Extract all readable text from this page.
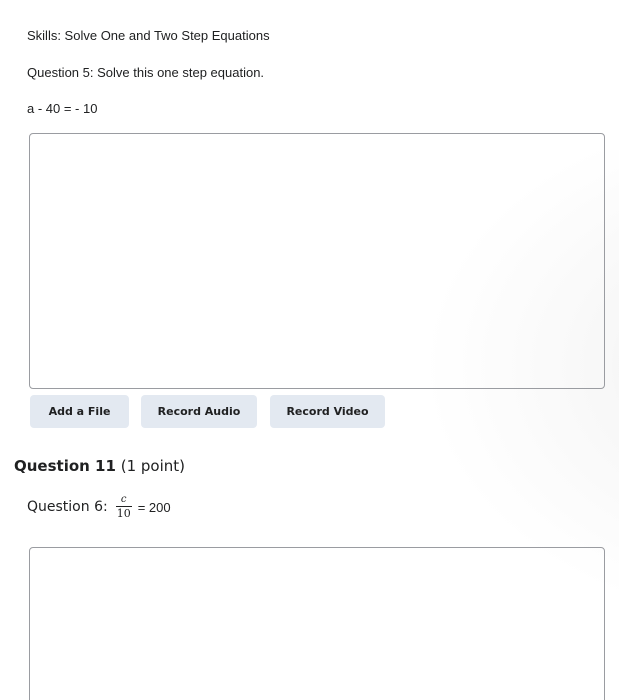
Skills: Solve One and Two Step Equations
Question 5: Solve this one step equation.
a - 40 = - 10
Add a File	Record Audio	Record Video
Question 11 (1 point)
Question 6: $\frac{c}{10} = 200$
